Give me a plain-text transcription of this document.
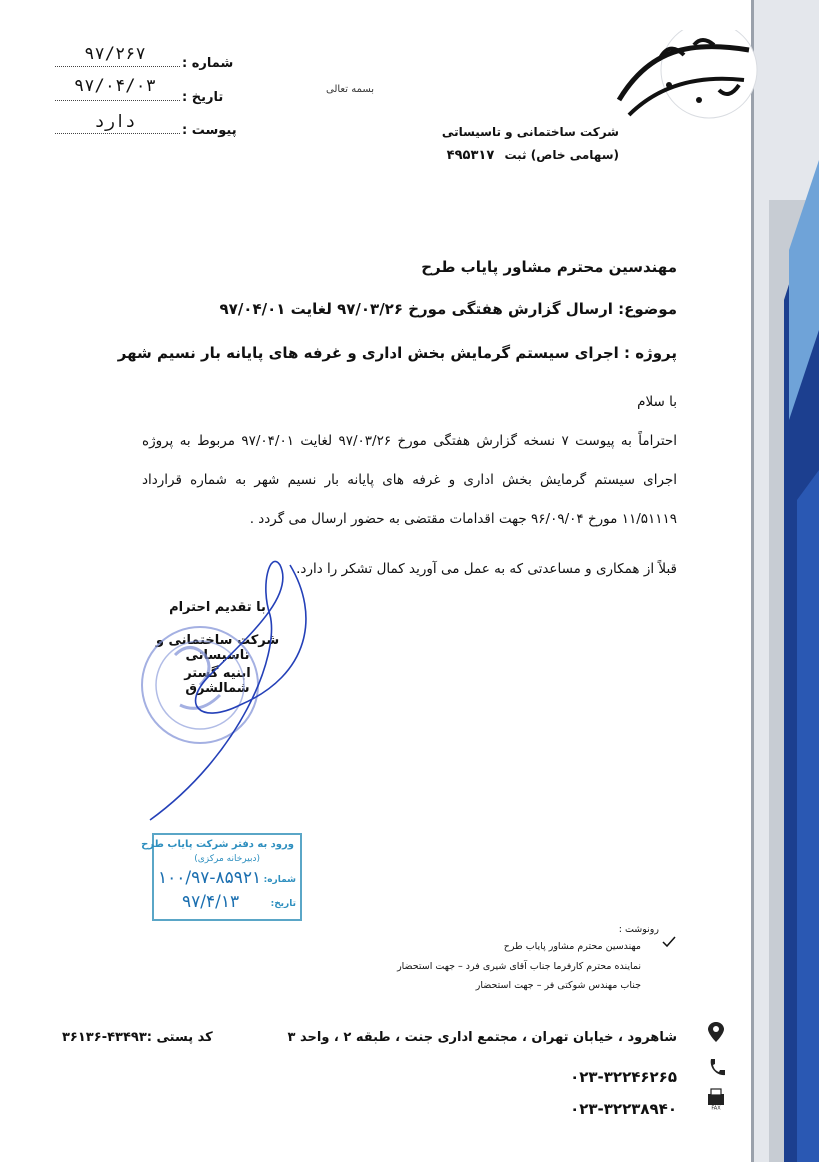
بسمه تعالی
شرکت ساختمانی و تاسیساتی
(سهامی خاص) ثبت ۴۹۵۳۱۷
شماره :
۹۷/۲۶۷
تاریخ :
۹۷/۰۴/۰۳
پیوست :
دارد
مهندسین محترم مشاور پایاب طرح
موضوع: ارسال گزارش هفتگی مورخ ۹۷/۰۳/۲۶ لغایت ۹۷/۰۴/۰۱
پروژه : اجرای سیستم گرمایش بخش اداری و غرفه های پایانه بار نسیم شهر
با سلام
احتراماً به پیوست ۷ نسخه گزارش هفتگی مورخ ۹۷/۰۳/۲۶ لغایت ۹۷/۰۴/۰۱ مربوط به پروژه اجرای سیستم گرمایش بخش اداری و غرفه های پایانه بار نسیم شهر به شماره قرارداد ۱۱/۵۱۱۱۹ مورخ ۹۶/۰۹/۰۴ جهت اقدامات مقتضی به حضور ارسال می گردد .
قبلاً از همکاری و مساعدتی که به عمل می آورید کمال تشکر را دارد.
با تقدیم احترام
شرکت ساختمانی و تاسیساتی
ابنیه گستر شمالشرق
ورود به دفتر شرکت پایاب طرح
(دبیرخانه مرکزی)
شماره:
۱۰۰/۹۷-۸۵۹۲۱
تاریخ:
۹۷/۴/۱۳
رونوشت :
مهندسین محترم مشاور پایاب طرح
نماینده محترم کارفرما جناب آقای شیری فرد – جهت استحضار
جناب مهندس شوکتی فر – جهت استحضار
شاهرود ، خیابان تهران ، مجتمع اداری جنت ، طبقه ۲ ، واحد ۳
کد پستی :۴۳۴۹۳-۳۶۱۳۶
۰۲۳-۳۲۲۴۶۲۶۵
۰۲۳-۳۲۲۳۸۹۴۰	FAX
